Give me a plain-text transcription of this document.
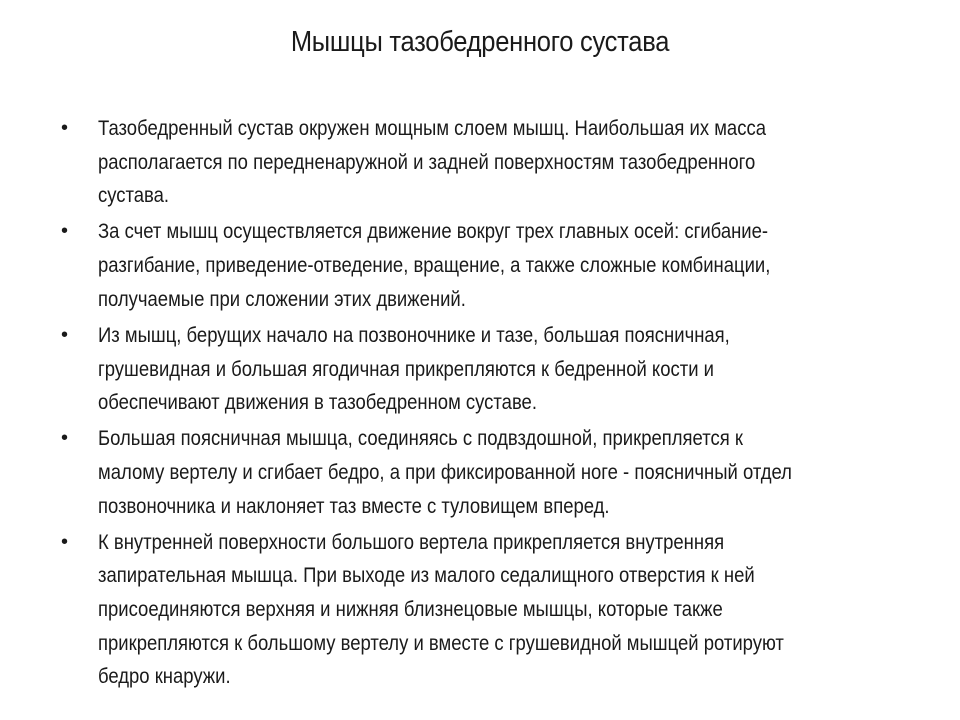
Мышцы тазобедренного сустава
• Тазобедренный сустав окружен мощным слоем мышц. Наибольшая их масса
располагается по передненаружной и задней поверхностям тазобедренного
сустава.
• За счет мышц осуществляется движение вокруг трех главных осей: сгибание-
разгибание, приведение-отведение, вращение, а также сложные комбинации,
получаемые при сложении этих движений.
• Из мышц, берущих начало на позвоночнике и тазе, большая поясничная,
грушевидная и большая ягодичная прикрепляются к бедренной кости и
обеспечивают движения в тазобедренном суставе.
• Большая поясничная мышца, соединяясь с подвздошной, прикрепляется к
малому вертелу и сгибает бедро, а при фиксированной ноге - поясничный отдел
позвоночника и наклоняет таз вместе с туловищем вперед.
• К внутренней поверхности большого вертела прикрепляется внутренняя
запирательная мышца. При выходе из малого седалищного отверстия к ней
присоединяются верхняя и нижняя близнецовые мышцы, которые также
прикрепляются к большому вертелу и вместе с грушевидной мышцей ротируют
бедро кнаружи.
